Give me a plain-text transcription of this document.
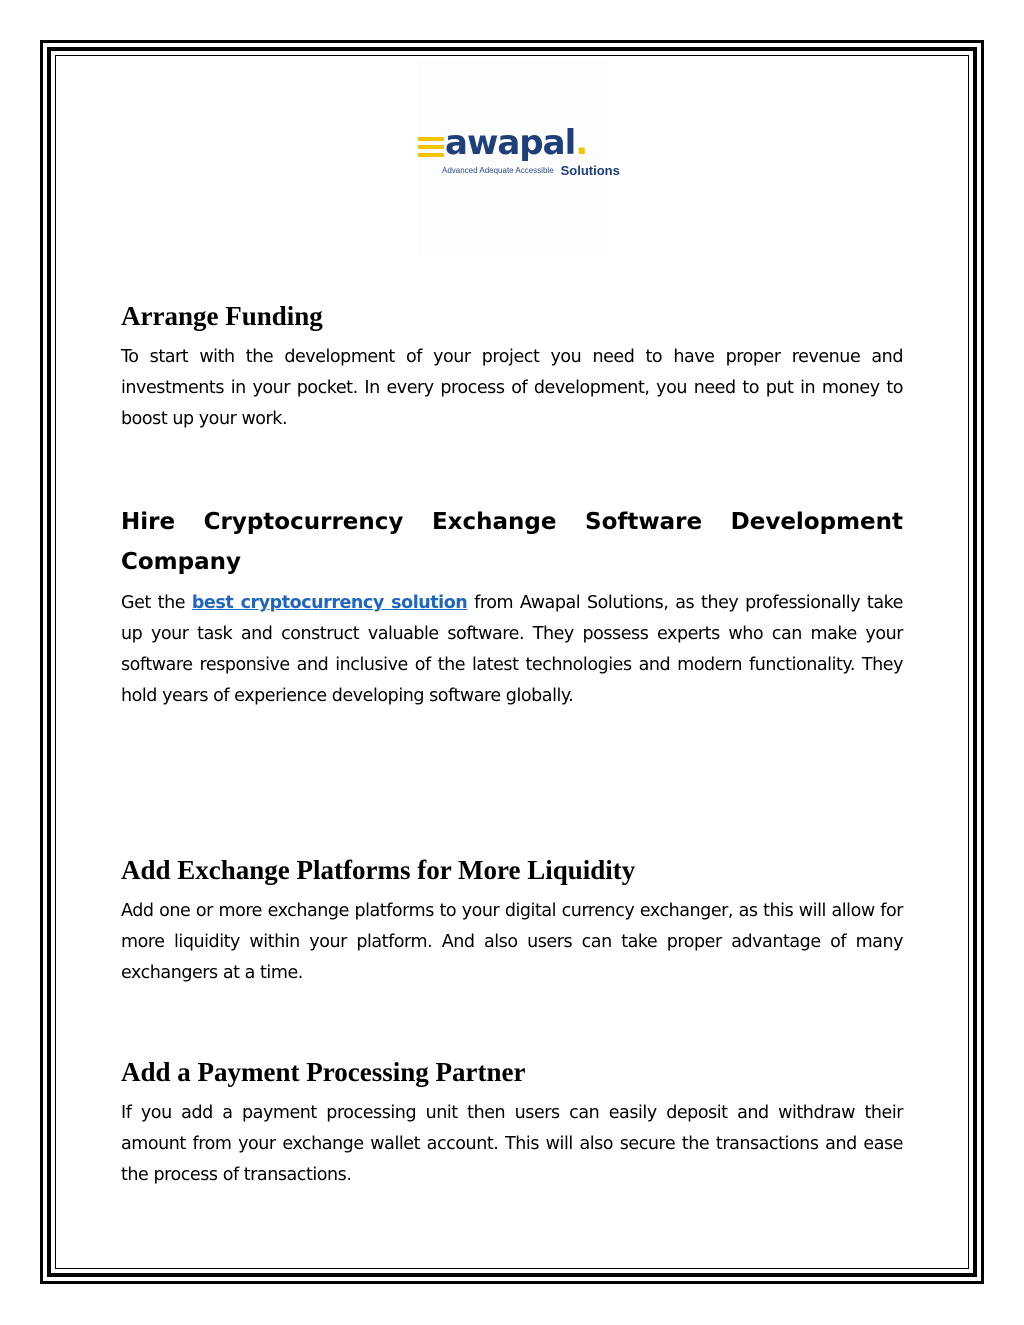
awapal.
Advanced Adequate Accessible Solutions
Arrange Funding

To start with the development of your project you need to have proper revenue and investments in your pocket. In every process of development, you need to put in money to boost up your work.

Hire Cryptocurrency Exchange Software Development Company

Get the best cryptocurrency solution from Awapal Solutions, as they professionally take up your task and construct valuable software. They possess experts who can make your software responsive and inclusive of the latest technologies and modern functionality. They hold years of experience developing software globally.

Add Exchange Platforms for More Liquidity

Add one or more exchange platforms to your digital currency exchanger, as this will allow for more liquidity within your platform. And also users can take proper advantage of many exchangers at a time.

Add a Payment Processing Partner

If you add a payment processing unit then users can easily deposit and withdraw their amount from your exchange wallet account. This will also secure the transactions and ease the process of transactions.
